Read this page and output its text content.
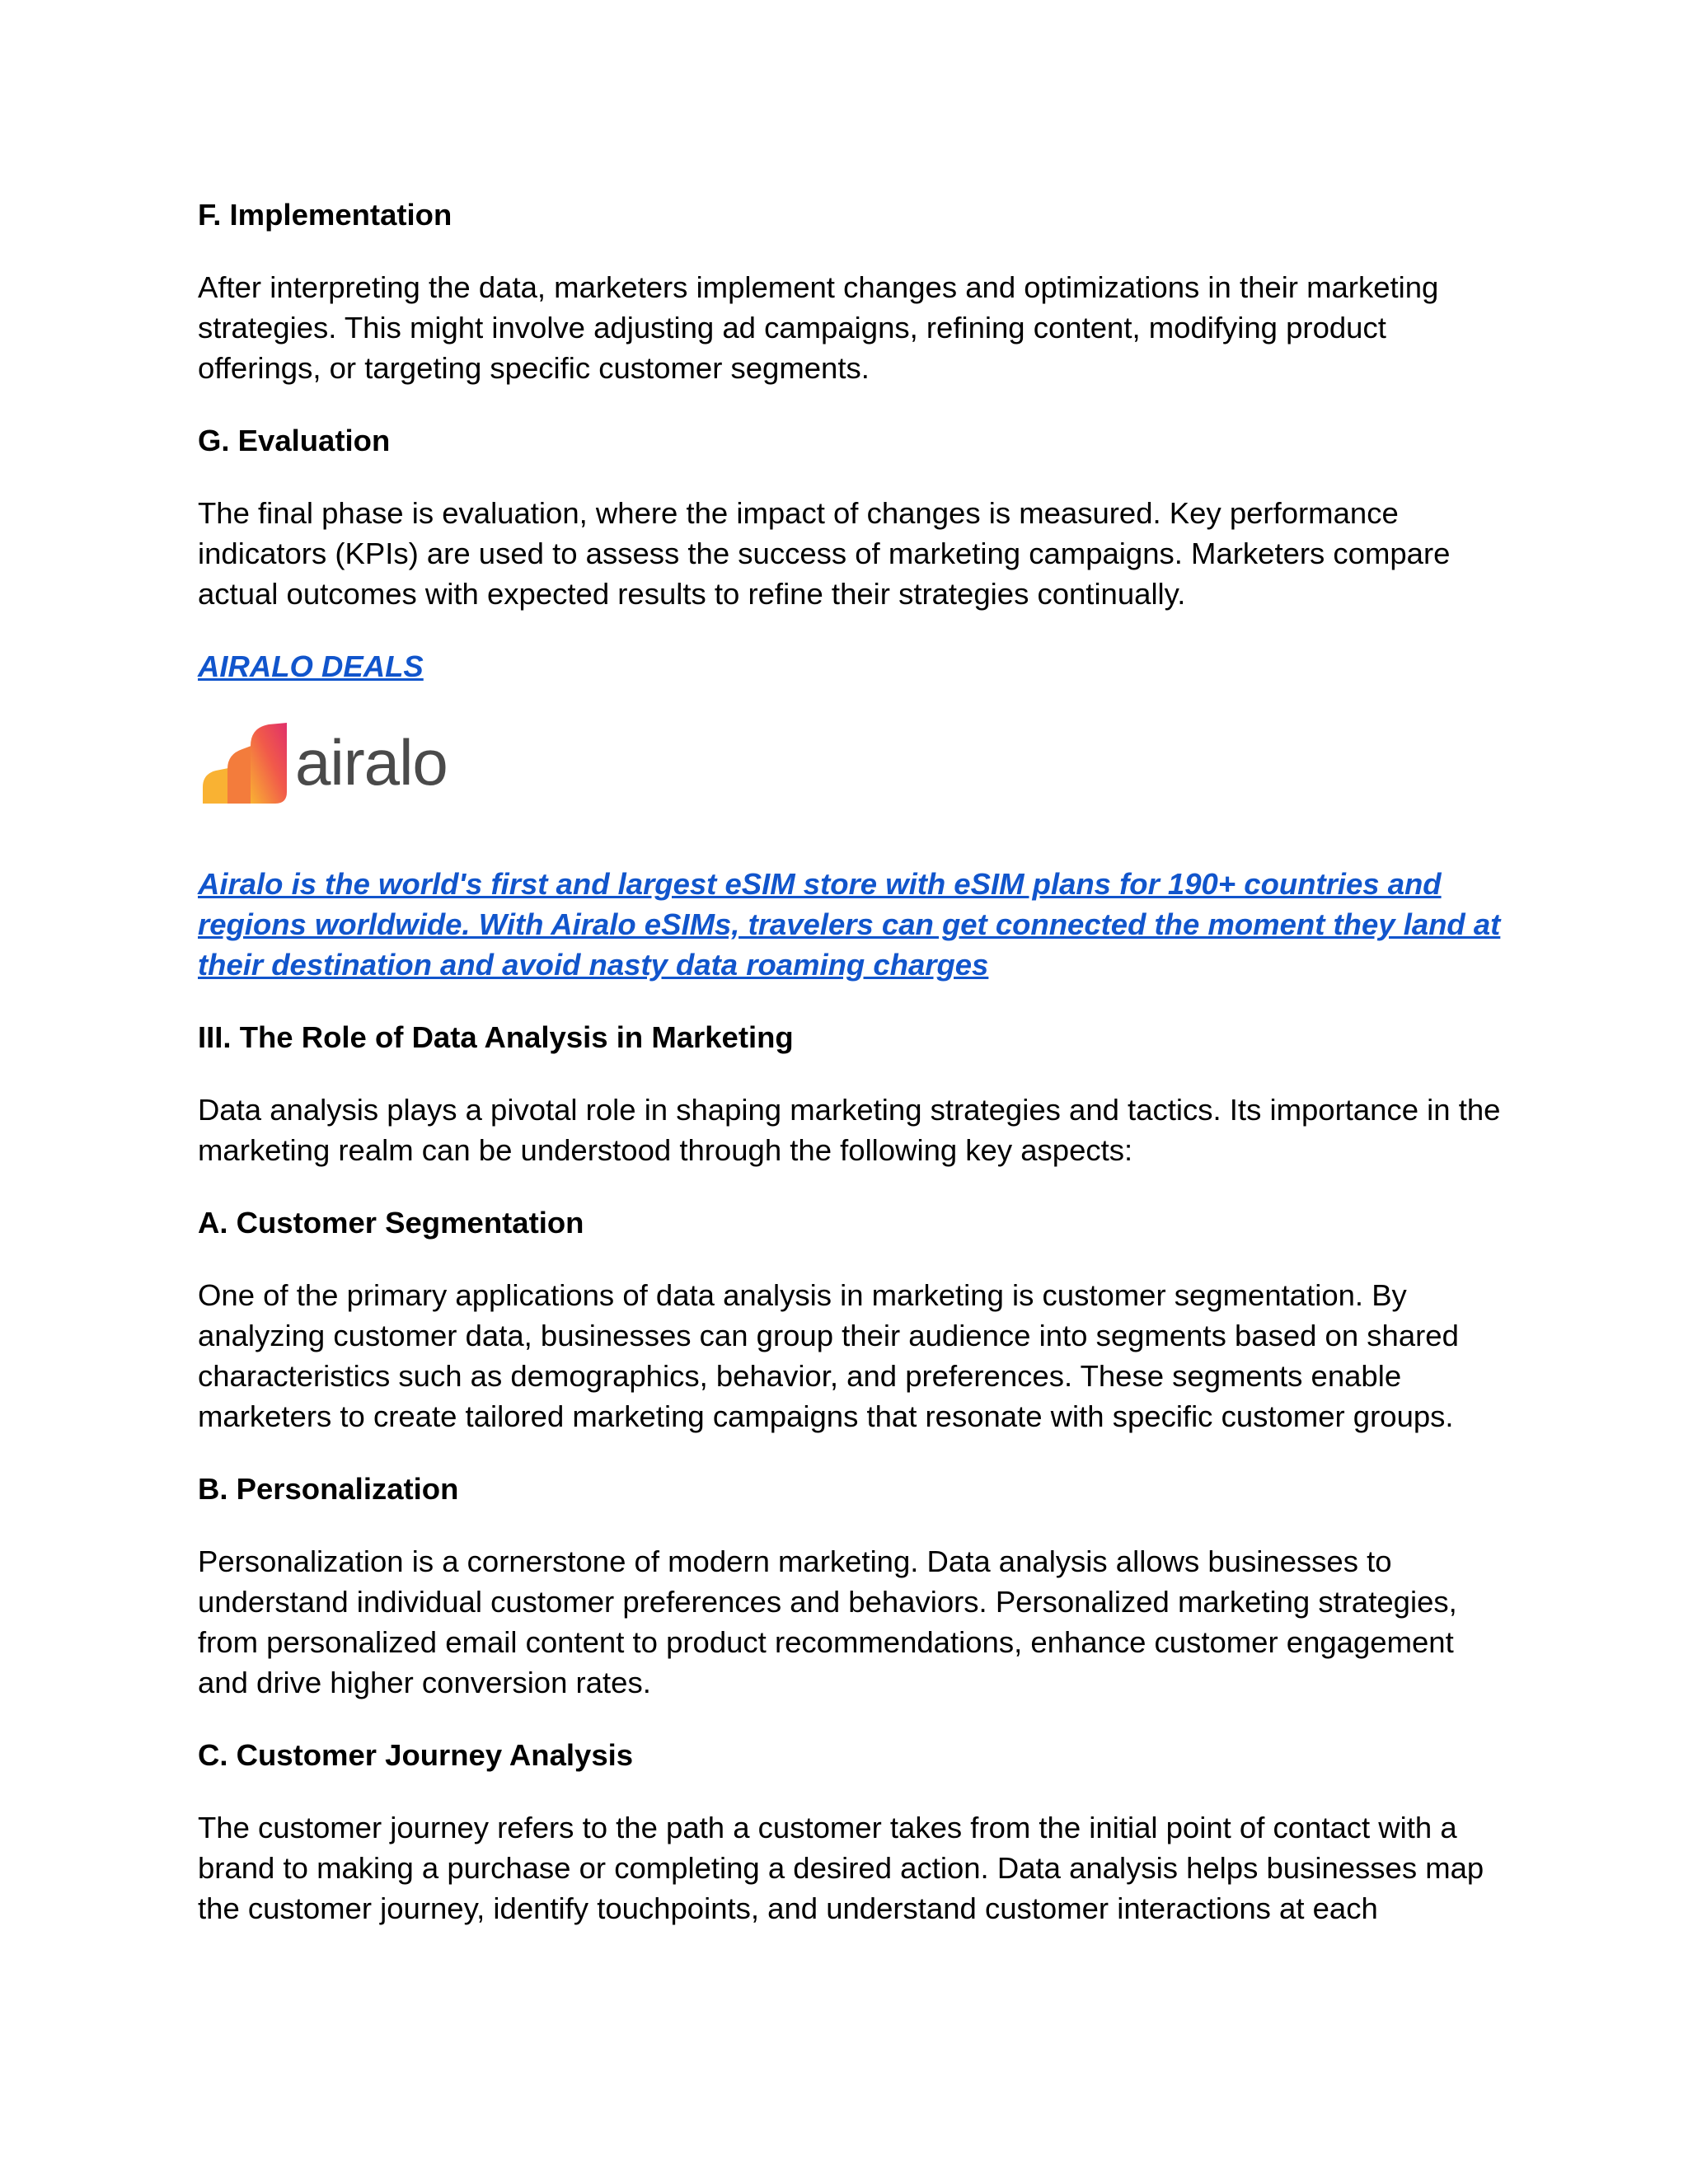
F. Implementation
After interpreting the data, marketers implement changes and optimizations in their marketing strategies. This might involve adjusting ad campaigns, refining content, modifying product offerings, or targeting specific customer segments.
G. Evaluation
The final phase is evaluation, where the impact of changes is measured. Key performance indicators (KPIs) are used to assess the success of marketing campaigns. Marketers compare actual outcomes with expected results to refine their strategies continually.
AIRALO DEALS
airalo
Airalo is the world's first and largest eSIM store with eSIM plans for 190+ countries and regions worldwide. With Airalo eSIMs, travelers can get connected the moment they land at their destination and avoid nasty data roaming charges
III. The Role of Data Analysis in Marketing
Data analysis plays a pivotal role in shaping marketing strategies and tactics. Its importance in the marketing realm can be understood through the following key aspects:
A. Customer Segmentation
One of the primary applications of data analysis in marketing is customer segmentation. By analyzing customer data, businesses can group their audience into segments based on shared characteristics such as demographics, behavior, and preferences. These segments enable marketers to create tailored marketing campaigns that resonate with specific customer groups.
B. Personalization
Personalization is a cornerstone of modern marketing. Data analysis allows businesses to understand individual customer preferences and behaviors. Personalized marketing strategies, from personalized email content to product recommendations, enhance customer engagement and drive higher conversion rates.
C. Customer Journey Analysis
The customer journey refers to the path a customer takes from the initial point of contact with a brand to making a purchase or completing a desired action. Data analysis helps businesses map the customer journey, identify touchpoints, and understand customer interactions at each
